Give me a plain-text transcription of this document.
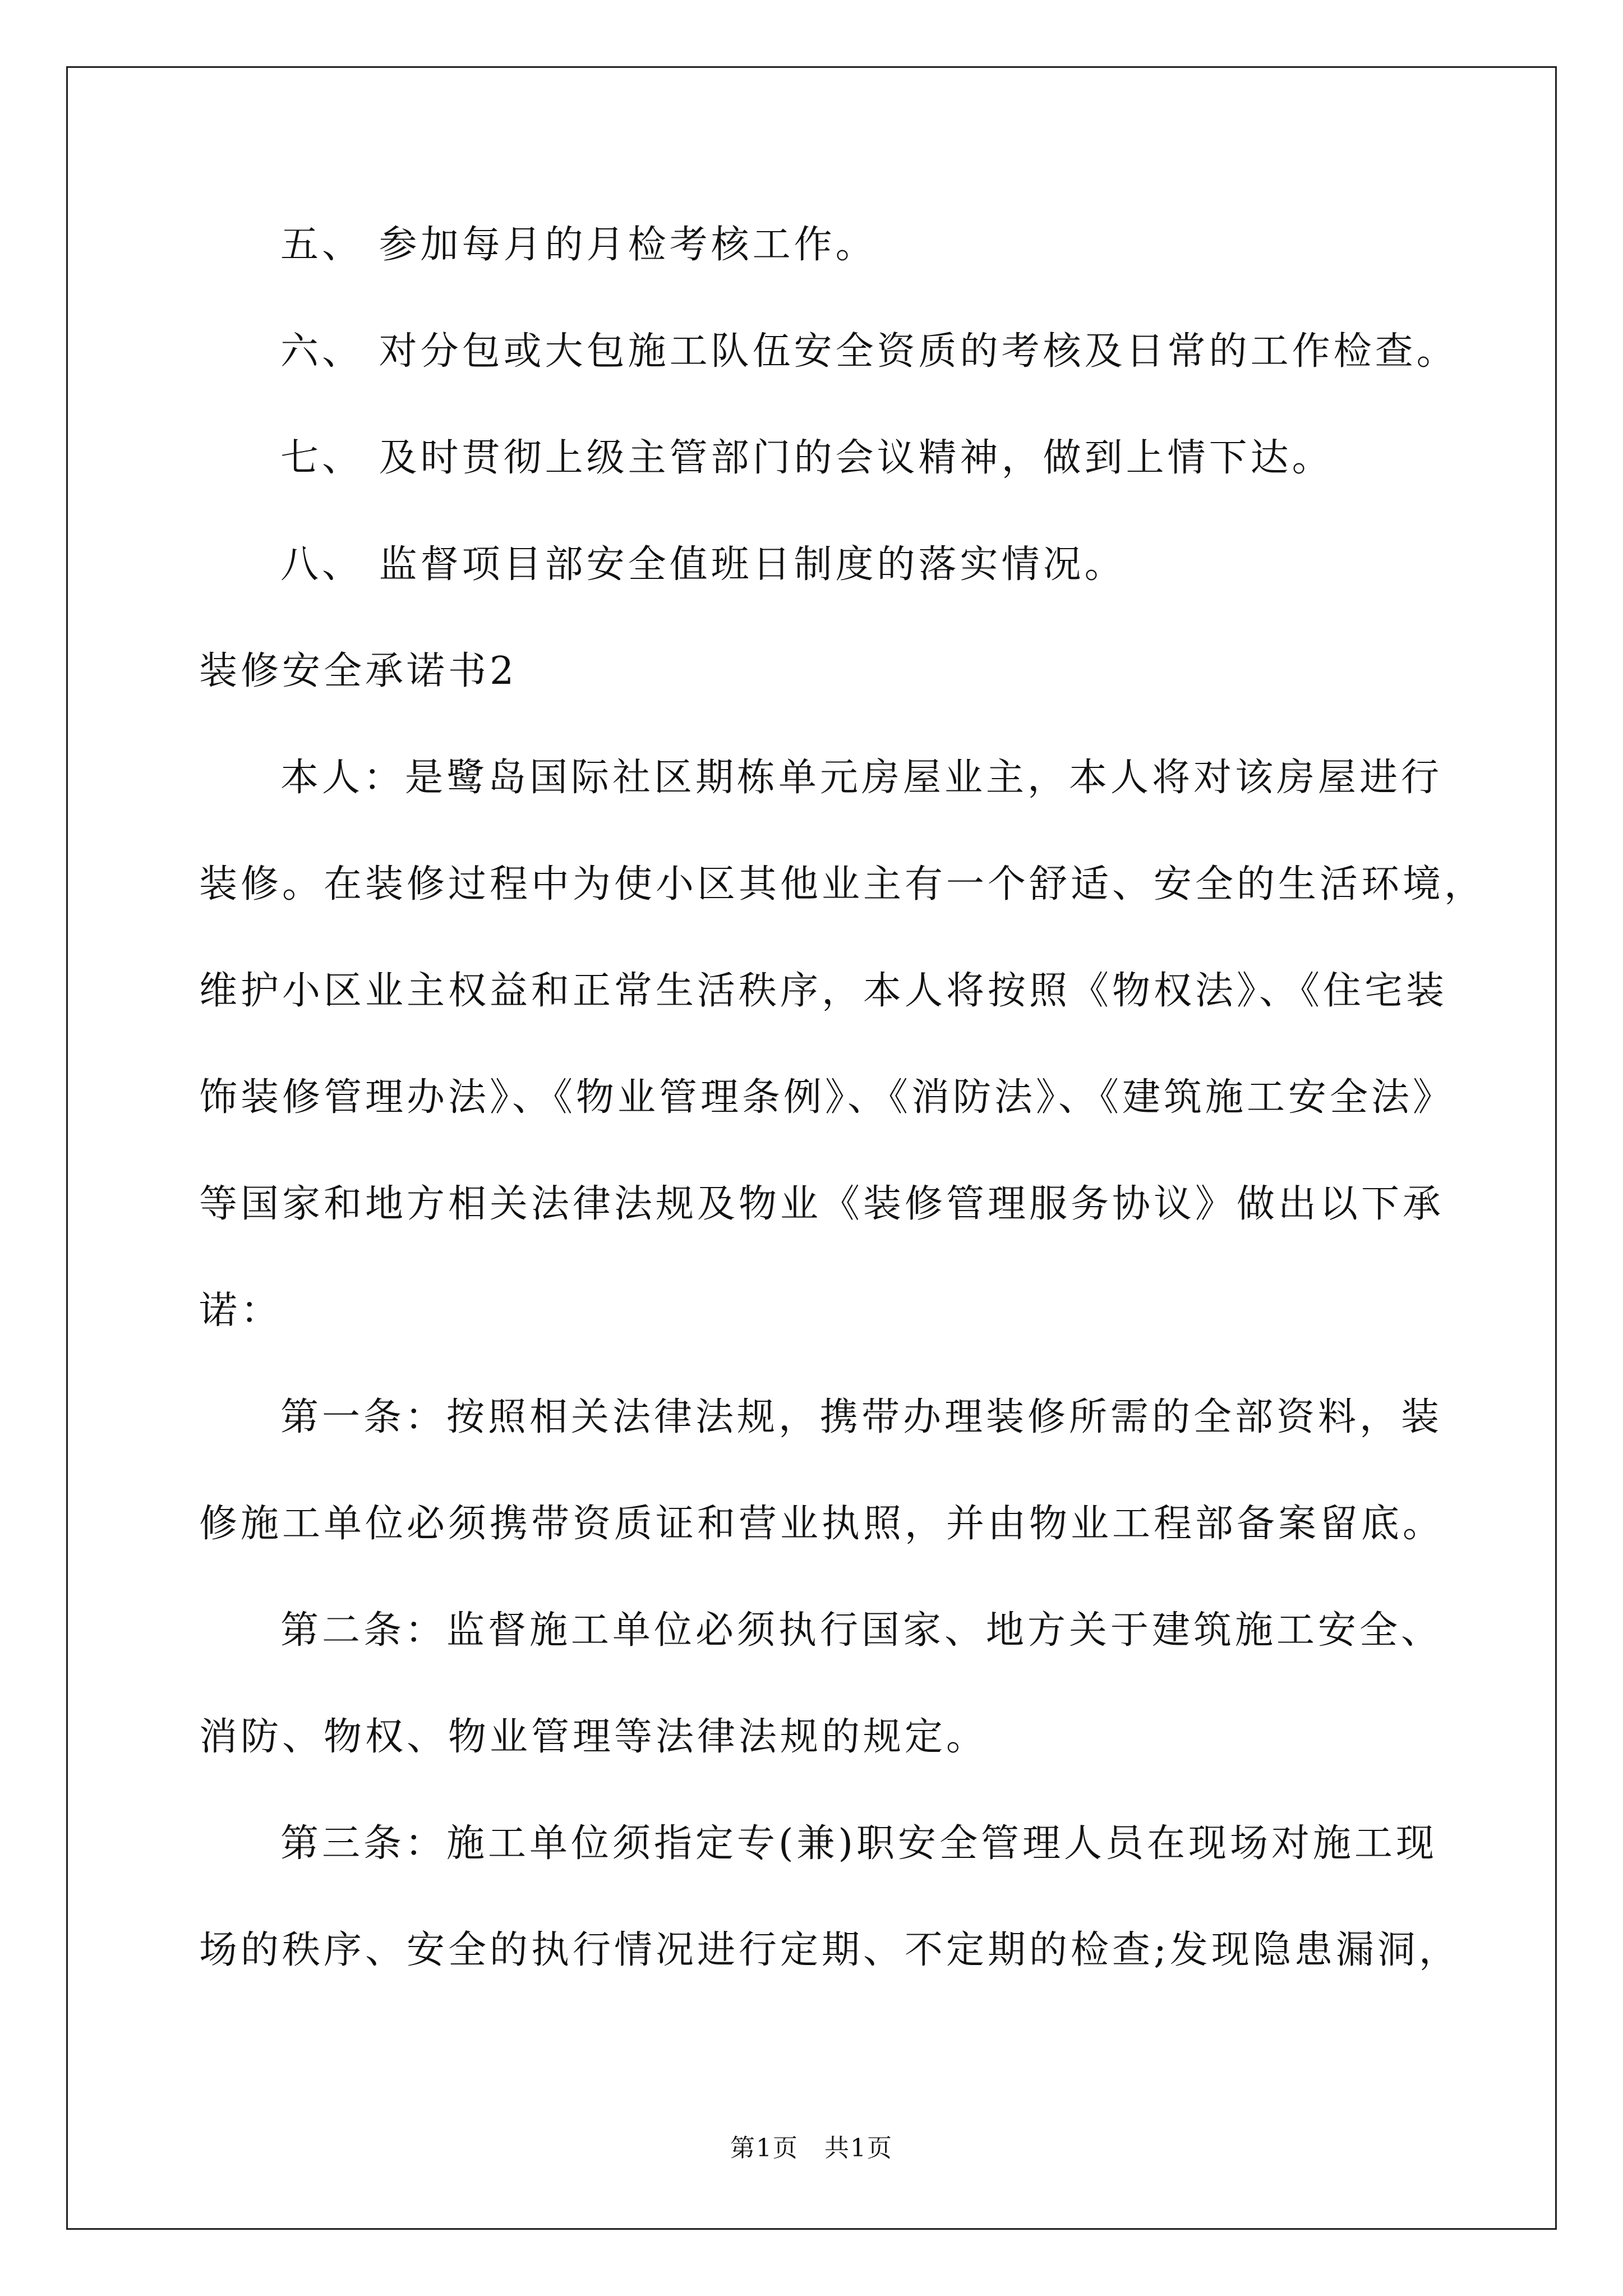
五、 参加每月的月检考核工作。
六、 对分包或大包施工队伍安全资质的考核及日常的工作检查。
七、 及时贯彻上级主管部门的会议精神，做到上情下达。
八、 监督项目部安全值班日制度的落实情况。
装修安全承诺书2
本人：是鹭岛国际社区期栋单元房屋业主，本人将对该房屋进行
装修。在装修过程中为使小区其他业主有一个舒适、安全的生活环境，
维护小区业主权益和正常生活秩序，本人将按照《物权法》、《住宅装
饰装修管理办法》、《物业管理条例》、《消防法》、《建筑施工安全法》
等国家和地方相关法律法规及物业《装修管理服务协议》做出以下承
诺：
第一条：按照相关法律法规，携带办理装修所需的全部资料，装
修施工单位必须携带资质证和营业执照，并由物业工程部备案留底。
第二条：监督施工单位必须执行国家、地方关于建筑施工安全、
消防、物权、物业管理等法律法规的规定。
第三条：施工单位须指定专(兼)职安全管理人员在现场对施工现
场的秩序、安全的执行情况进行定期、不定期的检查;发现隐患漏洞，
第1页　共1页
